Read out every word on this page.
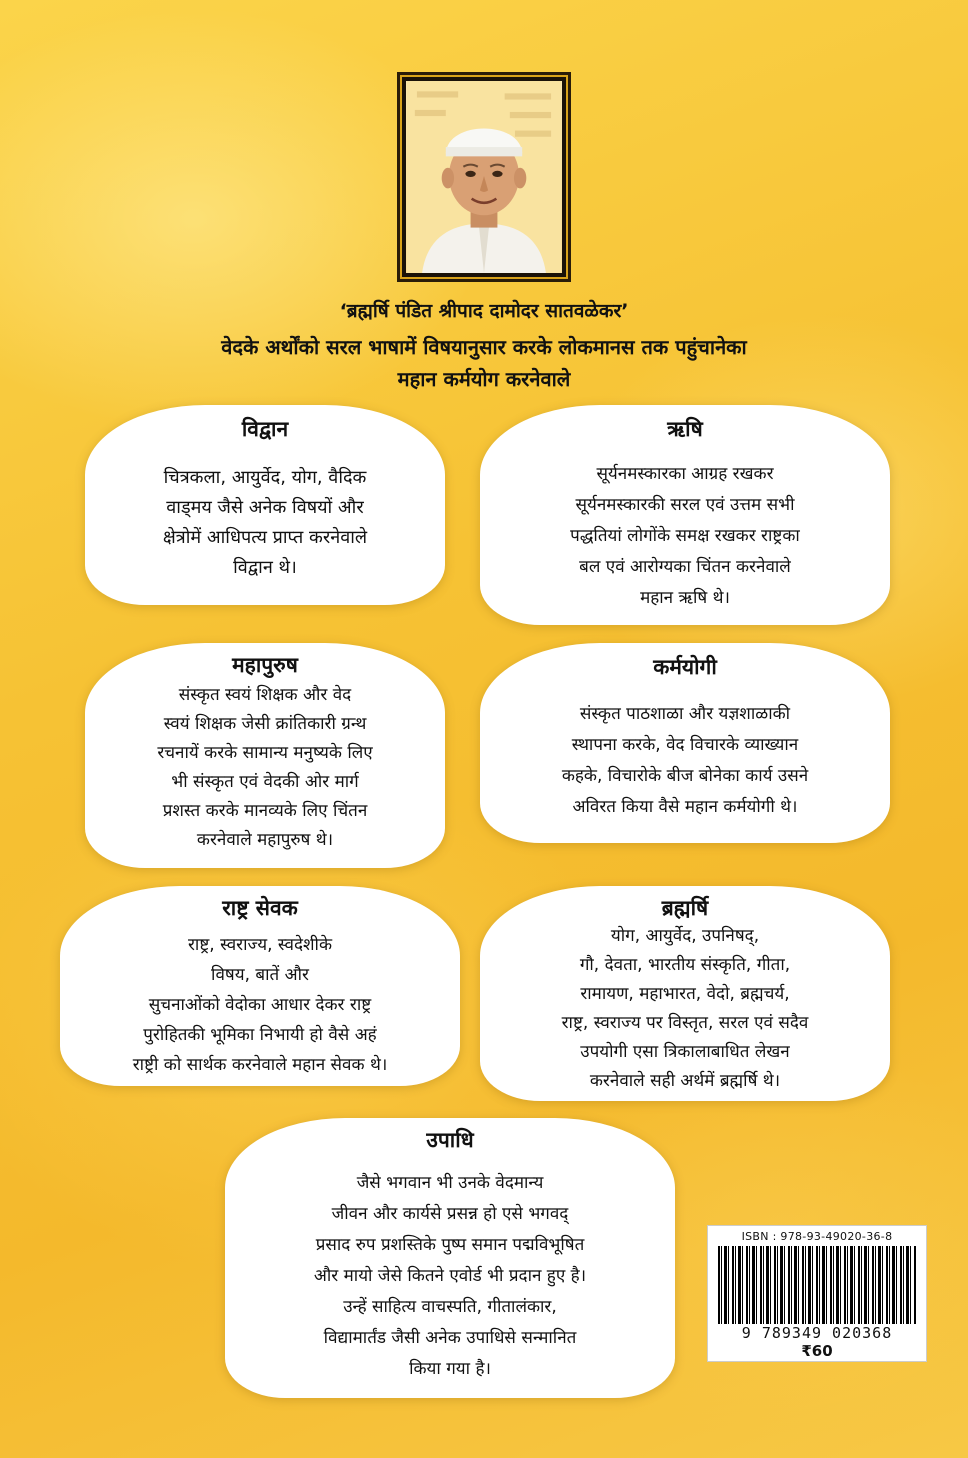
‘ब्रह्मर्षि पंडित श्रीपाद दामोदर सातवळेकर’
वेदके अर्थोंको सरल भाषामें विषयानुसार करके लोकमानस तक पहुंचानेका
महान कर्मयोग करनेवाले
विद्वान

चित्रकला, आयुर्वेद, योग, वैदिक
वाड्मय जैसे अनेक विषयों और
क्षेत्रोमें आधिपत्य प्राप्त करनेवाले
विद्वान थे।

ऋषि

सूर्यनमस्कारका आग्रह रखकर
सूर्यनमस्कारकी सरल एवं उत्तम सभी
पद्धतियां लोगोंके समक्ष रखकर राष्ट्रका
बल एवं आरोग्यका चिंतन करनेवाले
महान ऋषि थे।

महापुरुष

संस्कृत स्वयं शिक्षक और वेद
स्वयं शिक्षक जेसी क्रांतिकारी ग्रन्थ
रचनायें करके सामान्य मनुष्यके लिए
भी संस्कृत एवं वेदकी ओर मार्ग
प्रशस्त करके मानव्यके लिए चिंतन
करनेवाले महापुरुष थे।

कर्मयोगी

संस्कृत पाठशाळा और यज्ञशाळाकी
स्थापना करके, वेद विचारके व्याख्यान
कहके, विचारोके बीज बोनेका कार्य उसने
अविरत किया वैसे महान कर्मयोगी थे।

राष्ट्र सेवक

राष्ट्र, स्वराज्य, स्वदेशीके
विषय, बातें और
सुचनाओंको वेदोका आधार देकर राष्ट्र
पुरोहितकी भूमिका निभायी हो वैसे अहं
राष्ट्री को सार्थक करनेवाले महान सेवक थे।

ब्रह्मर्षि

योग, आयुर्वेद, उपनिषद्,
गौ, देवता, भारतीय संस्कृति, गीता,
रामायण, महाभारत, वेदो, ब्रह्मचर्य,
राष्ट्र, स्वराज्य पर विस्तृत, सरल एवं सदैव
उपयोगी एसा त्रिकालाबाधित लेखन
करनेवाले सही अर्थमें ब्रह्मर्षि थे।

उपाधि

जैसे भगवान भी उनके वेदमान्य
जीवन और कार्यसे प्रसन्न हो एसे भगवद्
प्रसाद रुप प्रशस्तिके पुष्प समान पद्मविभूषित
और मायो जेसे कितने एवोर्ड भी प्रदान हुए है।
उन्हें साहित्य वाचस्पति, गीतालंकार,
विद्यामार्तंड जैसी अनेक उपाधिसे सन्मानित
किया गया है।

ISBN : 978-93-49020-36-8
9 789349 020368
₹60
